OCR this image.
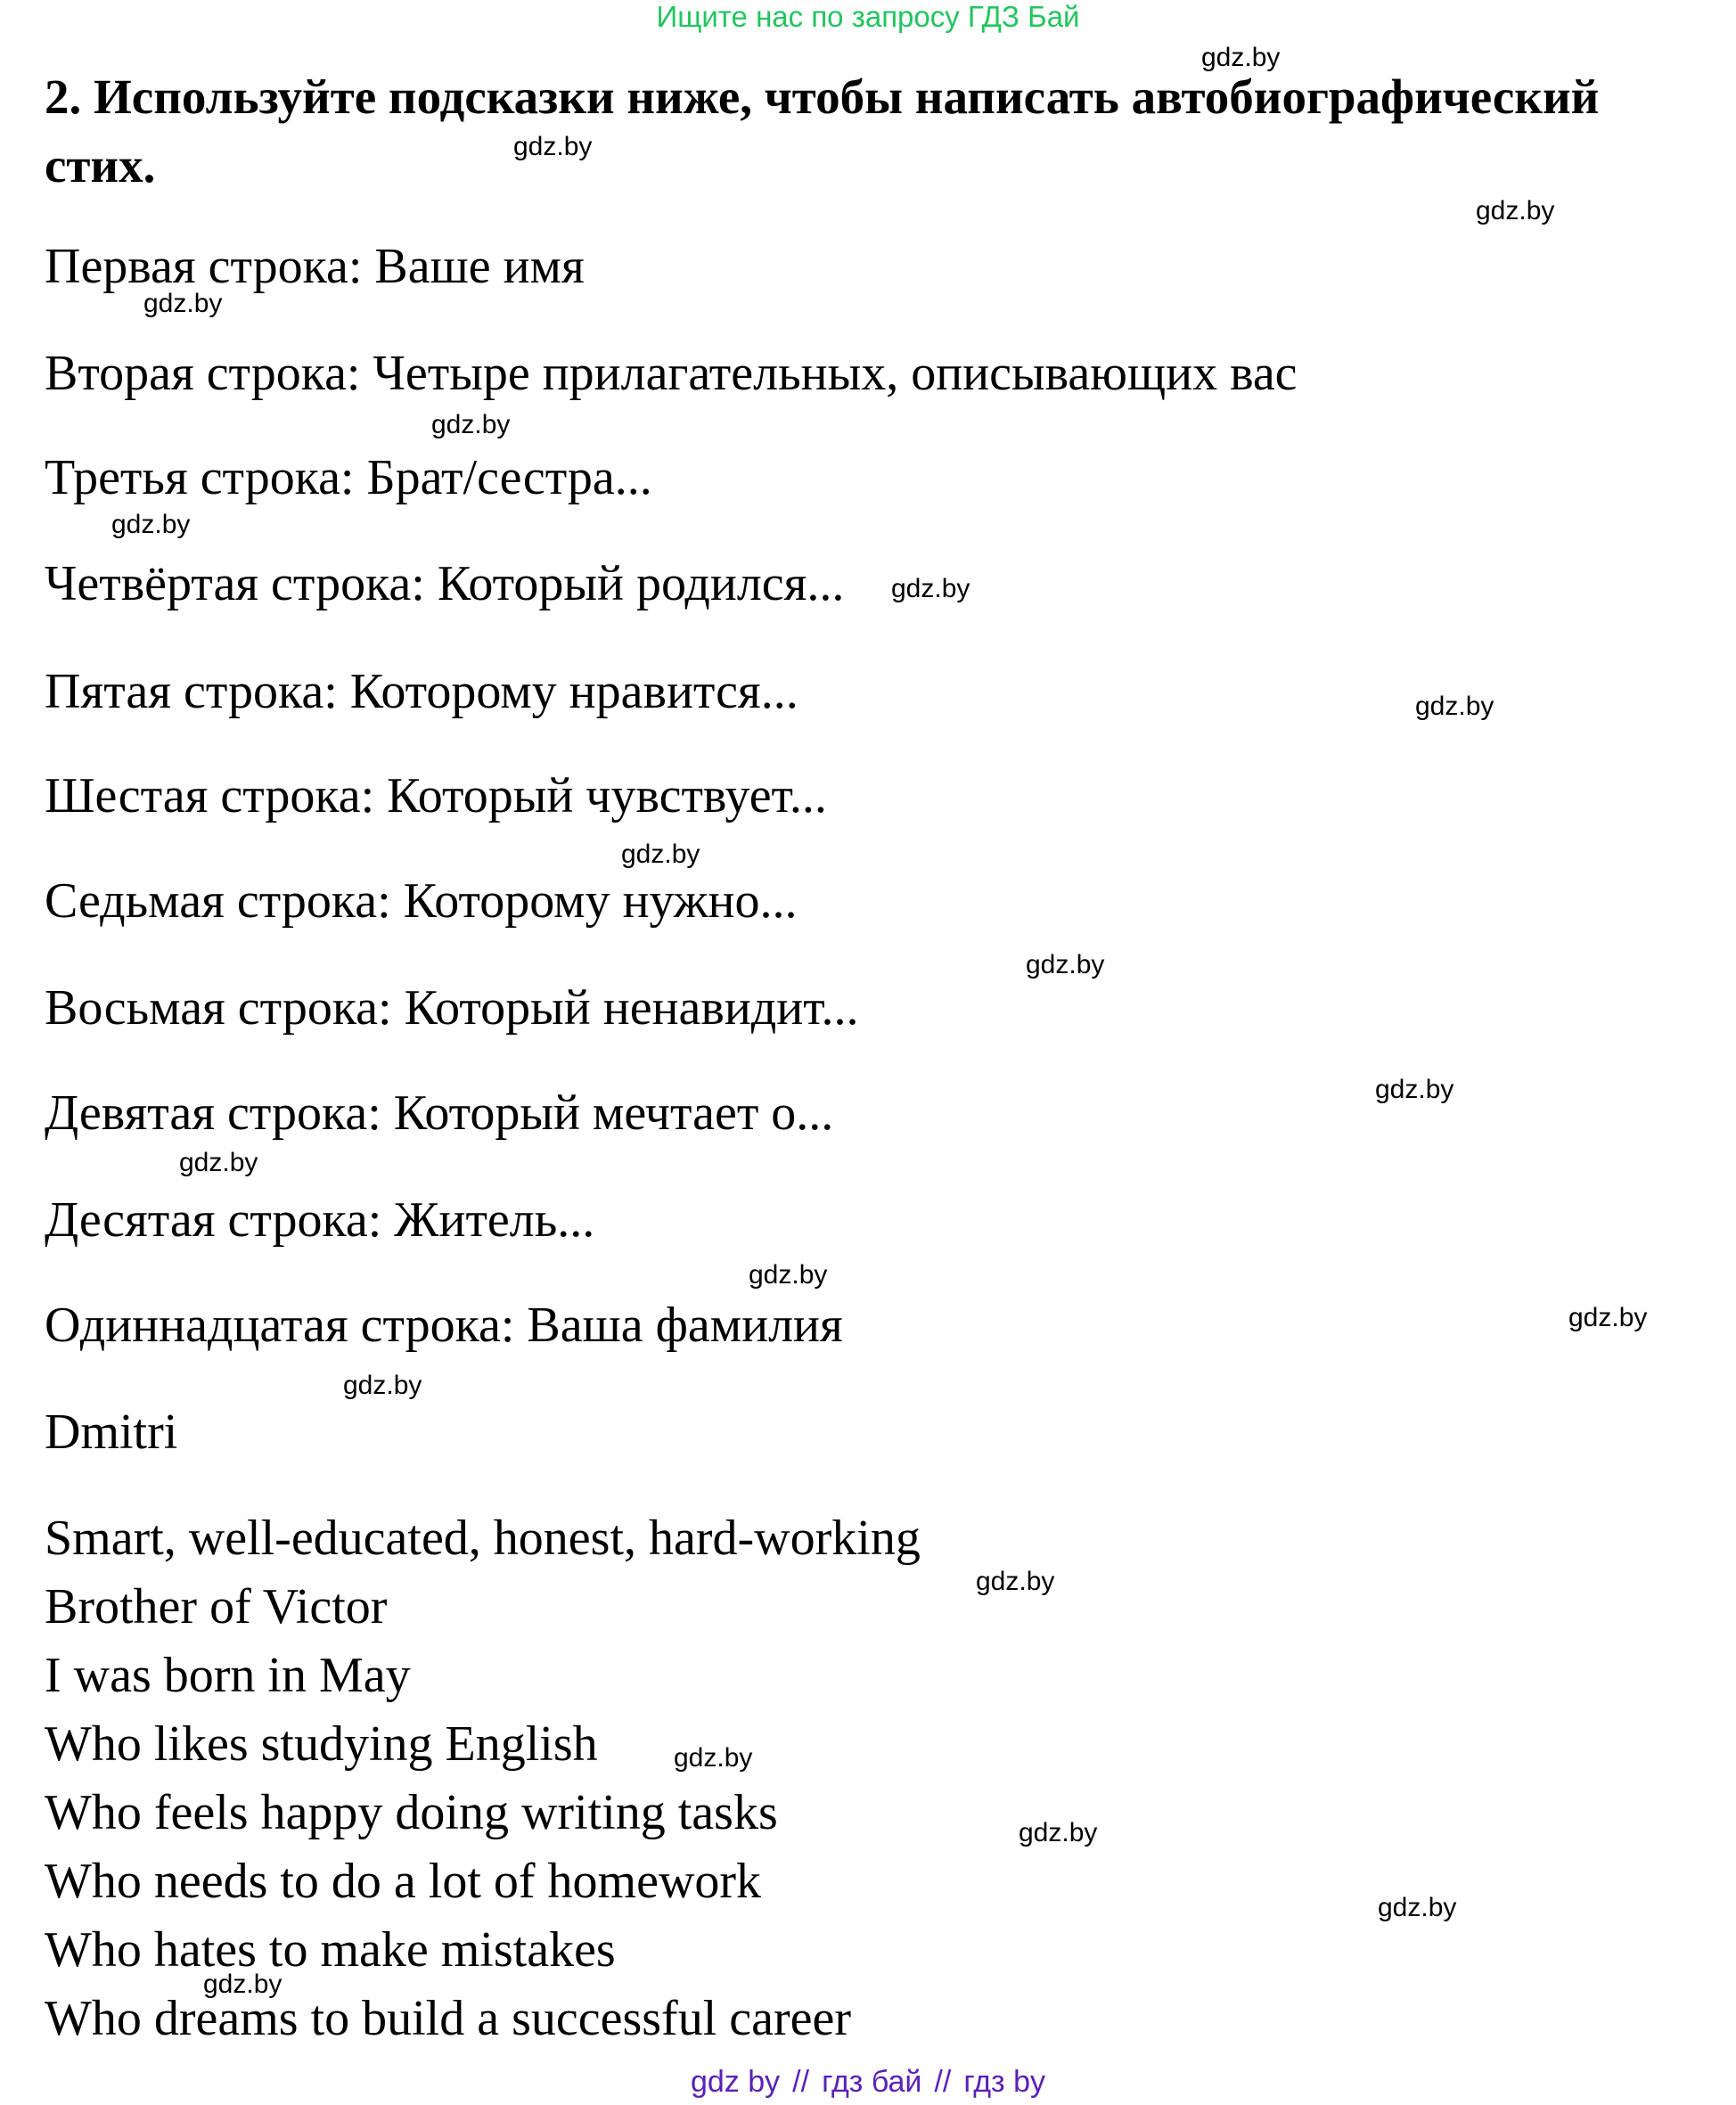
Ищите нас по запросу ГДЗ Бай
2. Используйте подсказки ниже, чтобы написать автобиографический стих.
Первая строка: Ваше имя
Вторая строка: Четыре прилагательных, описывающих вас
Третья строка: Брат/сестра...
Четвёртая строка: Который родился...
Пятая строка: Которому нравится...
Шестая строка: Который чувствует...
Седьмая строка: Которому нужно...
Восьмая строка: Который ненавидит...
Девятая строка: Который мечтает о...
Десятая строка: Житель...
Одиннадцатая строка: Ваша фамилия
Dmitri
Smart, well-educated, honest, hard-working
Brother of Victor
I was born in May
Who likes studying English
Who feels happy doing writing tasks
Who needs to do a lot of homework
Who hates to make mistakes
Who dreams to build a successful career
gdz.by
gdz.by
gdz.by
gdz.by
gdz.by
gdz.by
gdz.by
gdz.by
gdz.by
gdz.by
gdz.by
gdz.by
gdz.by
gdz.by
gdz.by
gdz.by
gdz.by
gdz.by
gdz.by
gdz.by
gdz by // гдз бай // гдз by
